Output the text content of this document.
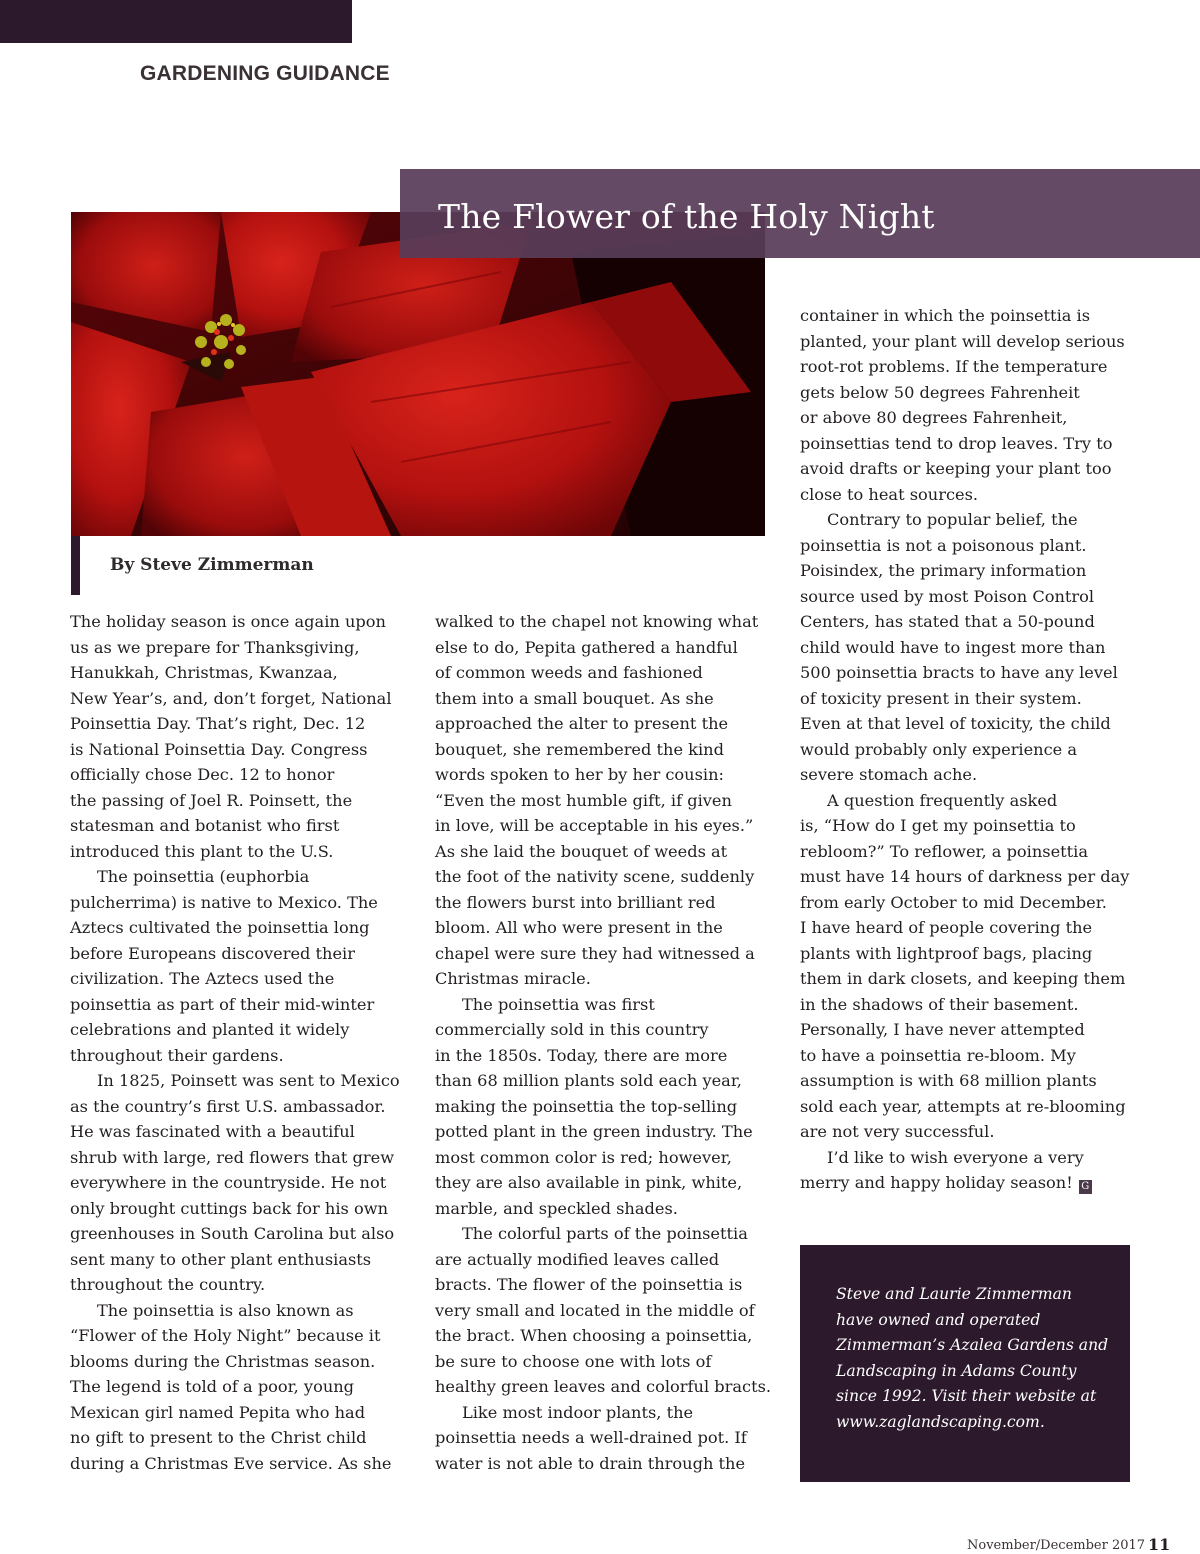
GARDENING GUIDANCE
The Flower of the Holy Night
By Steve Zimmerman

The holiday season is once again upon
us as we prepare for Thanksgiving,
Hanukkah, Christmas, Kwanzaa,
New Year’s, and, don’t forget, National
Poinsettia Day. That’s right, Dec. 12
is National Poinsettia Day. Congress
officially chose Dec. 12 to honor
the passing of Joel R. Poinsett, the
statesman and botanist who first
introduced this plant to the U.S.

The poinsettia (euphorbia
pulcherrima) is native to Mexico. The
Aztecs cultivated the poinsettia long
before Europeans discovered their
civilization. The Aztecs used the
poinsettia as part of their mid-winter
celebrations and planted it widely
throughout their gardens.

In 1825, Poinsett was sent to Mexico
as the country’s first U.S. ambassador.
He was fascinated with a beautiful
shrub with large, red flowers that grew
everywhere in the countryside. He not
only brought cuttings back for his own
greenhouses in South Carolina but also
sent many to other plant enthusiasts
throughout the country.

The poinsettia is also known as
“Flower of the Holy Night” because it
blooms during the Christmas season.
The legend is told of a poor, young
Mexican girl named Pepita who had
no gift to present to the Christ child
during a Christmas Eve service. As she

walked to the chapel not knowing what
else to do, Pepita gathered a handful
of common weeds and fashioned
them into a small bouquet. As she
approached the alter to present the
bouquet, she remembered the kind
words spoken to her by her cousin:
“Even the most humble gift, if given
in love, will be acceptable in his eyes.”
As she laid the bouquet of weeds at
the foot of the nativity scene, suddenly
the flowers burst into brilliant red
bloom. All who were present in the
chapel were sure they had witnessed a
Christmas miracle.

The poinsettia was first
commercially sold in this country
in the 1850s. Today, there are more
than 68 million plants sold each year,
making the poinsettia the top-selling
potted plant in the green industry. The
most common color is red; however,
they are also available in pink, white,
marble, and speckled shades.

The colorful parts of the poinsettia
are actually modified leaves called
bracts. The flower of the poinsettia is
very small and located in the middle of
the bract. When choosing a poinsettia,
be sure to choose one with lots of
healthy green leaves and colorful bracts.

Like most indoor plants, the
poinsettia needs a well-drained pot. If
water is not able to drain through the

container in which the poinsettia is
planted, your plant will develop serious
root-rot problems. If the temperature
gets below 50 degrees Fahrenheit
or above 80 degrees Fahrenheit,
poinsettias tend to drop leaves. Try to
avoid drafts or keeping your plant too
close to heat sources.

Contrary to popular belief, the
poinsettia is not a poisonous plant.
Poisindex, the primary information
source used by most Poison Control
Centers, has stated that a 50-pound
child would have to ingest more than
500 poinsettia bracts to have any level
of toxicity present in their system.
Even at that level of toxicity, the child
would probably only experience a
severe stomach ache.

A question frequently asked
is, “How do I get my poinsettia to
rebloom?” To reflower, a poinsettia
must have 14 hours of darkness per day
from early October to mid December.
I have heard of people covering the
plants with lightproof bags, placing
them in dark closets, and keeping them
in the shadows of their basement.
Personally, I have never attempted
to have a poinsettia re-bloom. My
assumption is with 68 million plants
sold each year, attempts at re-blooming
are not very successful.

I’d like to wish everyone a very
merry and happy holiday season! G

Steve and Laurie Zimmerman
have owned and operated
Zimmerman’s Azalea Gardens and
Landscaping in Adams County
since 1992. Visit their website at
www.zaglandscaping.com.
November/December 2017 11
